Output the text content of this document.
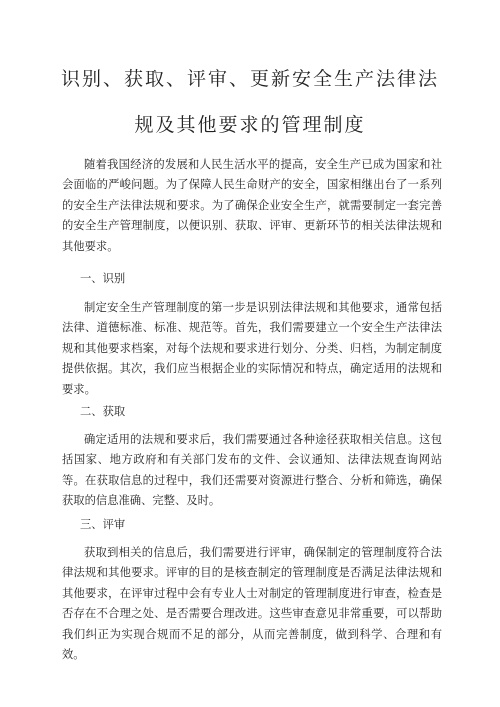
识别、获取、评审、更新安全生产法律法
规及其他要求的管理制度

随着我国经济的发展和人民生活水平的提高，安全生产已成为国家和社会面临的严峻问题。为了保障人民生命财产的安全，国家相继出台了一系列的安全生产法律法规和要求。为了确保企业安全生产，就需要制定一套完善的安全生产管理制度，以便识别、获取、评审、更新环节的相关法律法规和其他要求。

一、识别

制定安全生产管理制度的第一步是识别法律法规和其他要求，通常包括法律、道德标准、标准、规范等。首先，我们需要建立一个安全生产法律法规和其他要求档案，对每个法规和要求进行划分、分类、归档，为制定制度提供依据。其次，我们应当根据企业的实际情况和特点，确定适用的法规和要求。

二、获取

确定适用的法规和要求后，我们需要通过各种途径获取相关信息。这包括国家、地方政府和有关部门发布的文件、会议通知、法律法规查询网站等。在获取信息的过程中，我们还需要对资源进行整合、分析和筛选，确保获取的信息准确、完整、及时。

三、评审

获取到相关的信息后，我们需要进行评审，确保制定的管理制度符合法律法规和其他要求。评审的目的是核查制定的管理制度是否满足法律法规和其他要求，在评审过程中会有专业人士对制定的管理制度进行审查，检查是否存在不合理之处、是否需要合理改进。这些审查意见非常重要，可以帮助我们纠正为实现合规而不足的部分，从而完善制度，做到科学、合理和有效。
